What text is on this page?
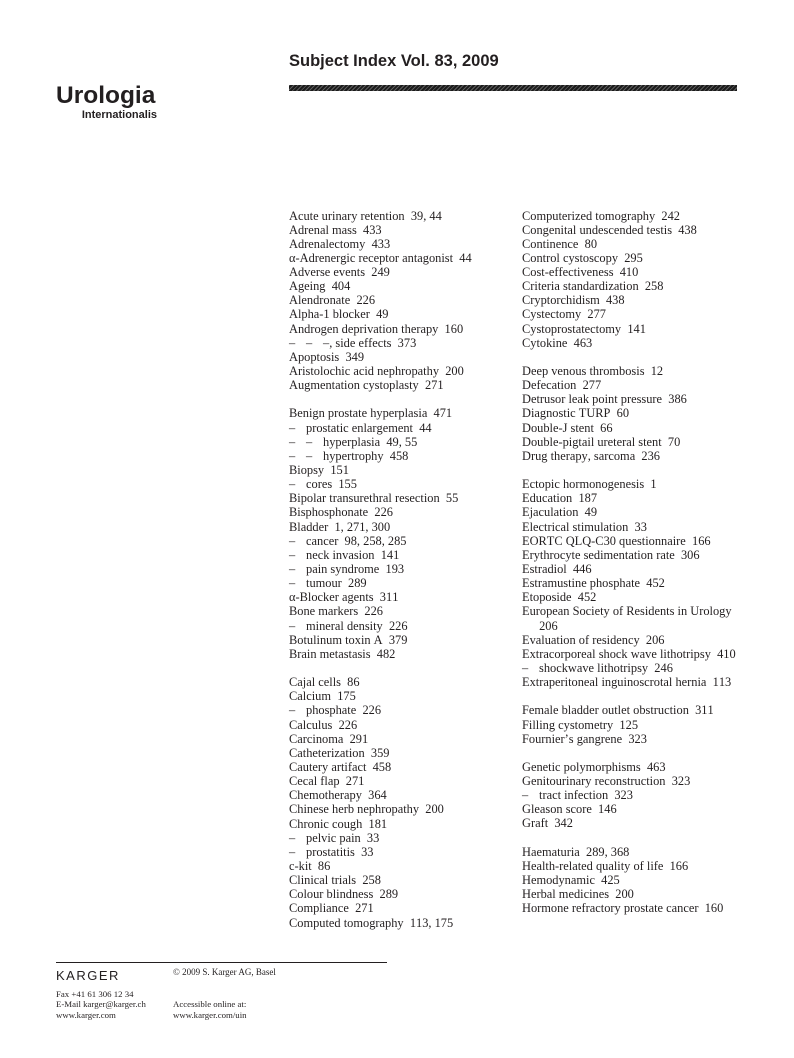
Urologia
Internationalis
Subject Index Vol. 83, 2009
Acute urinary retention 39, 44
Adrenal mass 433
Adrenalectomy 433
α-Adrenergic receptor antagonist 44
Adverse events 249
Ageing 404
Alendronate 226
Alpha-1 blocker 49
Androgen deprivation therapy 160
– – –, side effects 373
Apoptosis 349
Aristolochic acid nephropathy 200
Augmentation cystoplasty 271
Benign prostate hyperplasia 471
– prostatic enlargement 44
– – hyperplasia 49, 55
– – hypertrophy 458
Biopsy 151
– cores 155
Bipolar transurethral resection 55
Bisphosphonate 226
Bladder 1, 271, 300
– cancer 98, 258, 285
– neck invasion 141
– pain syndrome 193
– tumour 289
α-Blocker agents 311
Bone markers 226
– mineral density 226
Botulinum toxin A 379
Brain metastasis 482
Cajal cells 86
Calcium 175
– phosphate 226
Calculus 226
Carcinoma 291
Catheterization 359
Cautery artifact 458
Cecal flap 271
Chemotherapy 364
Chinese herb nephropathy 200
Chronic cough 181
– pelvic pain 33
– prostatitis 33
c-kit 86
Clinical trials 258
Colour blindness 289
Compliance 271
Computed tomography 113, 175
Computerized tomography 242
Congenital undescended testis 438
Continence 80
Control cystoscopy 295
Cost-effectiveness 410
Criteria standardization 258
Cryptorchidism 438
Cystectomy 277
Cystoprostatectomy 141
Cytokine 463
Deep venous thrombosis 12
Defecation 277
Detrusor leak point pressure 386
Diagnostic TURP 60
Double-J stent 66
Double-pigtail ureteral stent 70
Drug therapy, sarcoma 236
Ectopic hormonogenesis 1
Education 187
Ejaculation 49
Electrical stimulation 33
EORTC QLQ-C30 questionnaire 166
Erythrocyte sedimentation rate 306
Estradiol 446
Estramustine phosphate 452
Etoposide 452
European Society of Residents in Urology 206
Evaluation of residency 206
Extracorporeal shock wave lithotripsy 410
– shockwave lithotripsy 246
Extraperitoneal inguinoscrotal hernia 113
Female bladder outlet obstruction 311
Filling cystometry 125
Fournier’s gangrene 323
Genetic polymorphisms 463
Genitourinary reconstruction 323
– tract infection 323
Gleason score 146
Graft 342
Haematuria 289, 368
Health-related quality of life 166
Hemodynamic 425
Herbal medicines 200
Hormone refractory prostate cancer 160
KARGER	© 2009 S. Karger AG, Basel
Fax +41 61 306 12 34
E-Mail karger@karger.ch
www.karger.com
Accessible online at:
www.karger.com/uin
